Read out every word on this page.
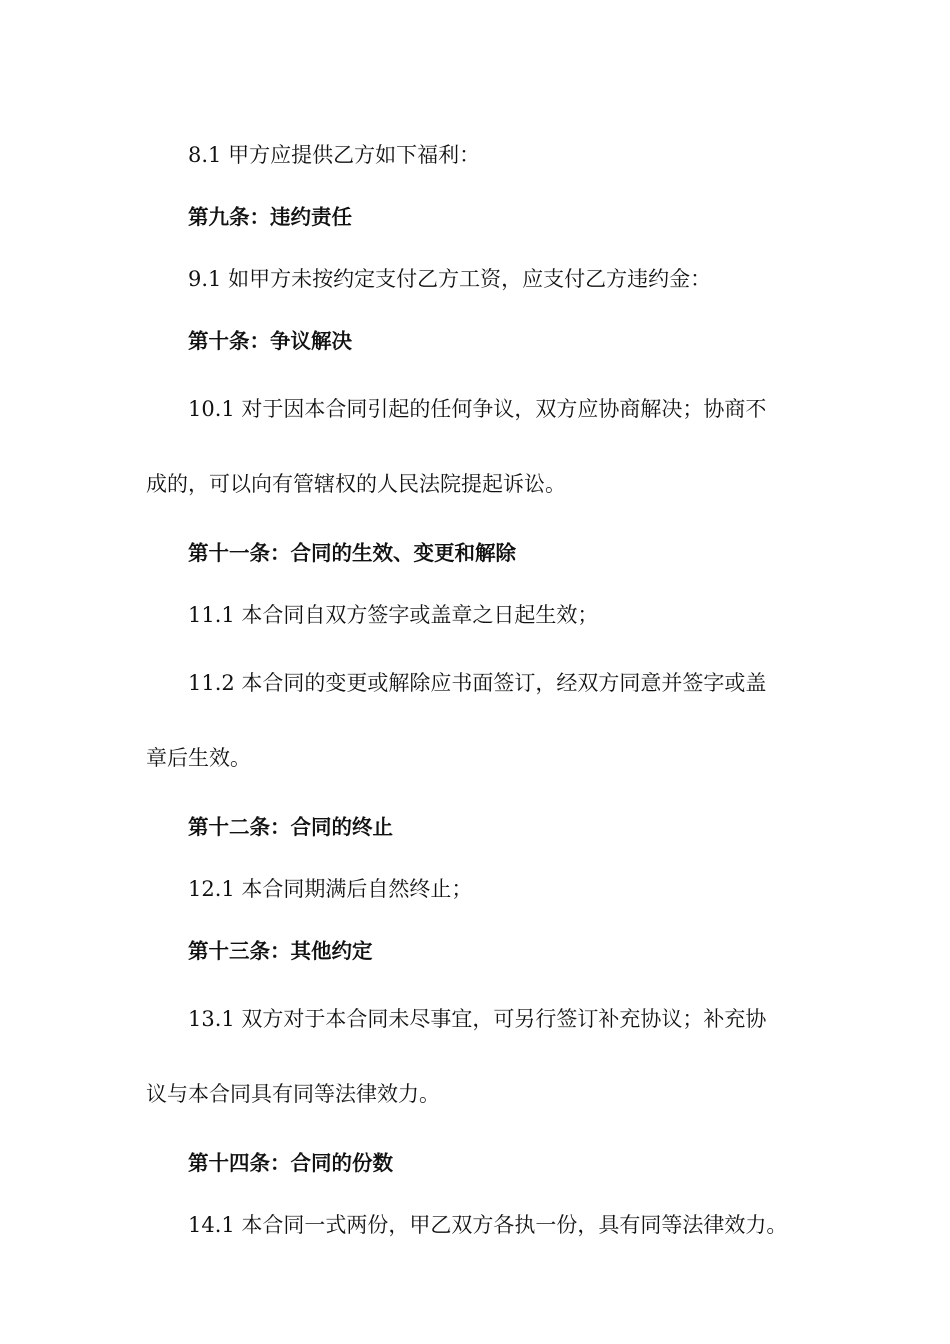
8.1 甲方应提供乙方如下福利：

第九条：违约责任

9.1 如甲方未按约定支付乙方工资，应支付乙方违约金：

第十条：争议解决

10.1 对于因本合同引起的任何争议，双方应协商解决；协商不
成的，可以向有管辖权的人民法院提起诉讼。

第十一条：合同的生效、变更和解除

11.1 本合同自双方签字或盖章之日起生效；

11.2 本合同的变更或解除应书面签订，经双方同意并签字或盖
章后生效。

第十二条：合同的终止

12.1 本合同期满后自然终止；

第十三条：其他约定

13.1 双方对于本合同未尽事宜，可另行签订补充协议；补充协
议与本合同具有同等法律效力。

第十四条：合同的份数

14.1 本合同一式两份，甲乙双方各执一份，具有同等法律效力。
